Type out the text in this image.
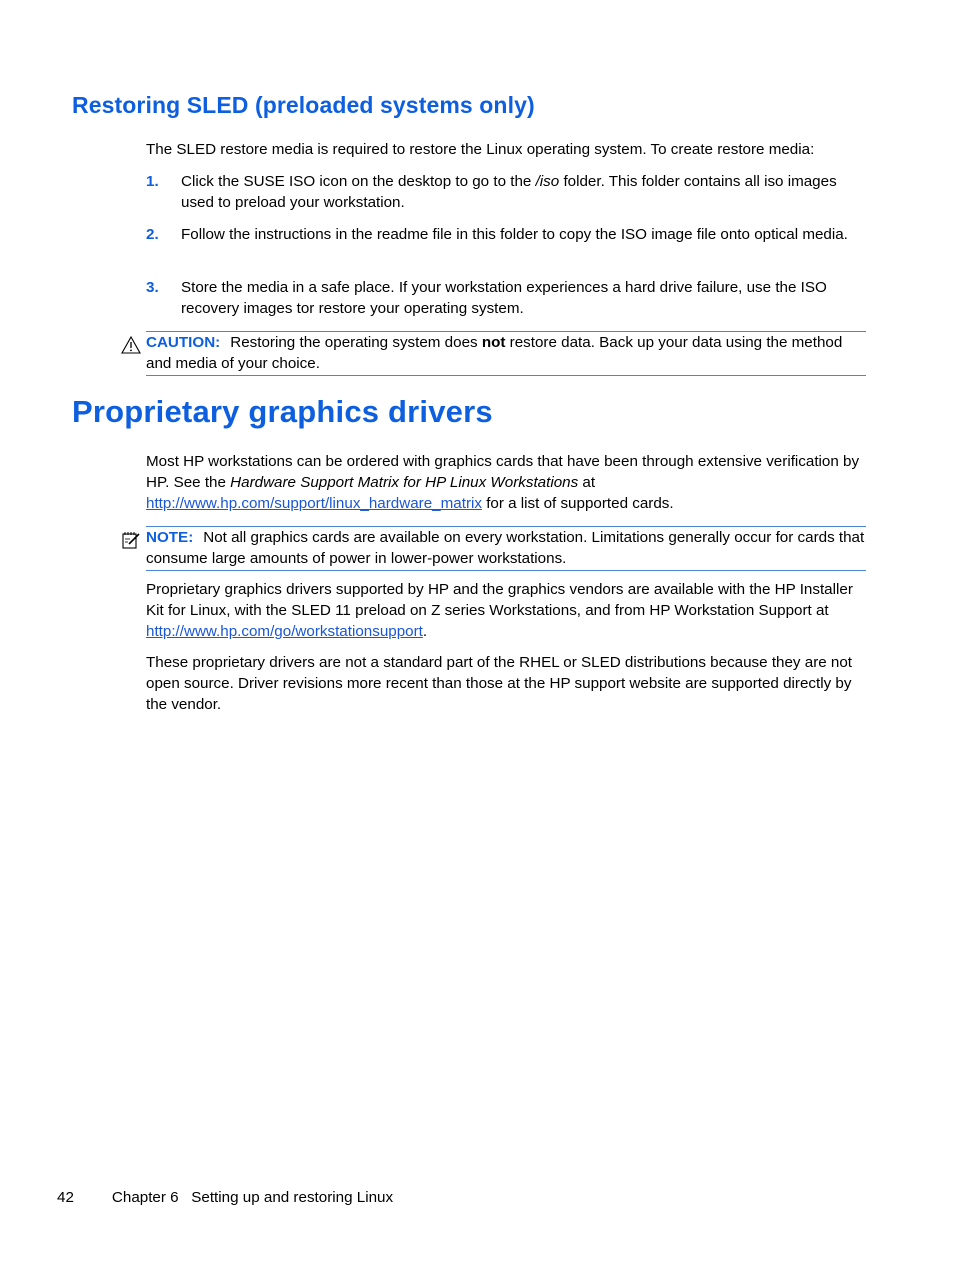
Restoring SLED (preloaded systems only)

The SLED restore media is required to restore the Linux operating system. To create restore media:

1. Click the SUSE ISO icon on the desktop to go to the /iso folder. This folder contains all iso images used to preload your workstation.
2. Follow the instructions in the readme file in this folder to copy the ISO image file onto optical media.
3. Store the media in a safe place. If your workstation experiences a hard drive failure, use the ISO recovery images tor restore your operating system.
CAUTION: Restoring the operating system does not restore data. Back up your data using the method and media of your choice.
Proprietary graphics drivers

Most HP workstations can be ordered with graphics cards that have been through extensive verification by HP. See the Hardware Support Matrix for HP Linux Workstations at http://www.hp.com/support/linux_hardware_matrix for a list of supported cards.

NOTE: Not all graphics cards are available on every workstation. Limitations generally occur for cards that consume large amounts of power in lower-power workstations.

Proprietary graphics drivers supported by HP and the graphics vendors are available with the HP Installer Kit for Linux, with the SLED 11 preload on Z series Workstations, and from HP Workstation Support at http://www.hp.com/go/workstationsupport.

These proprietary drivers are not a standard part of the RHEL or SLED distributions because they are not open source. Driver revisions more recent than those at the HP support website are supported directly by the vendor.

42	Chapter 6   Setting up and restoring Linux
